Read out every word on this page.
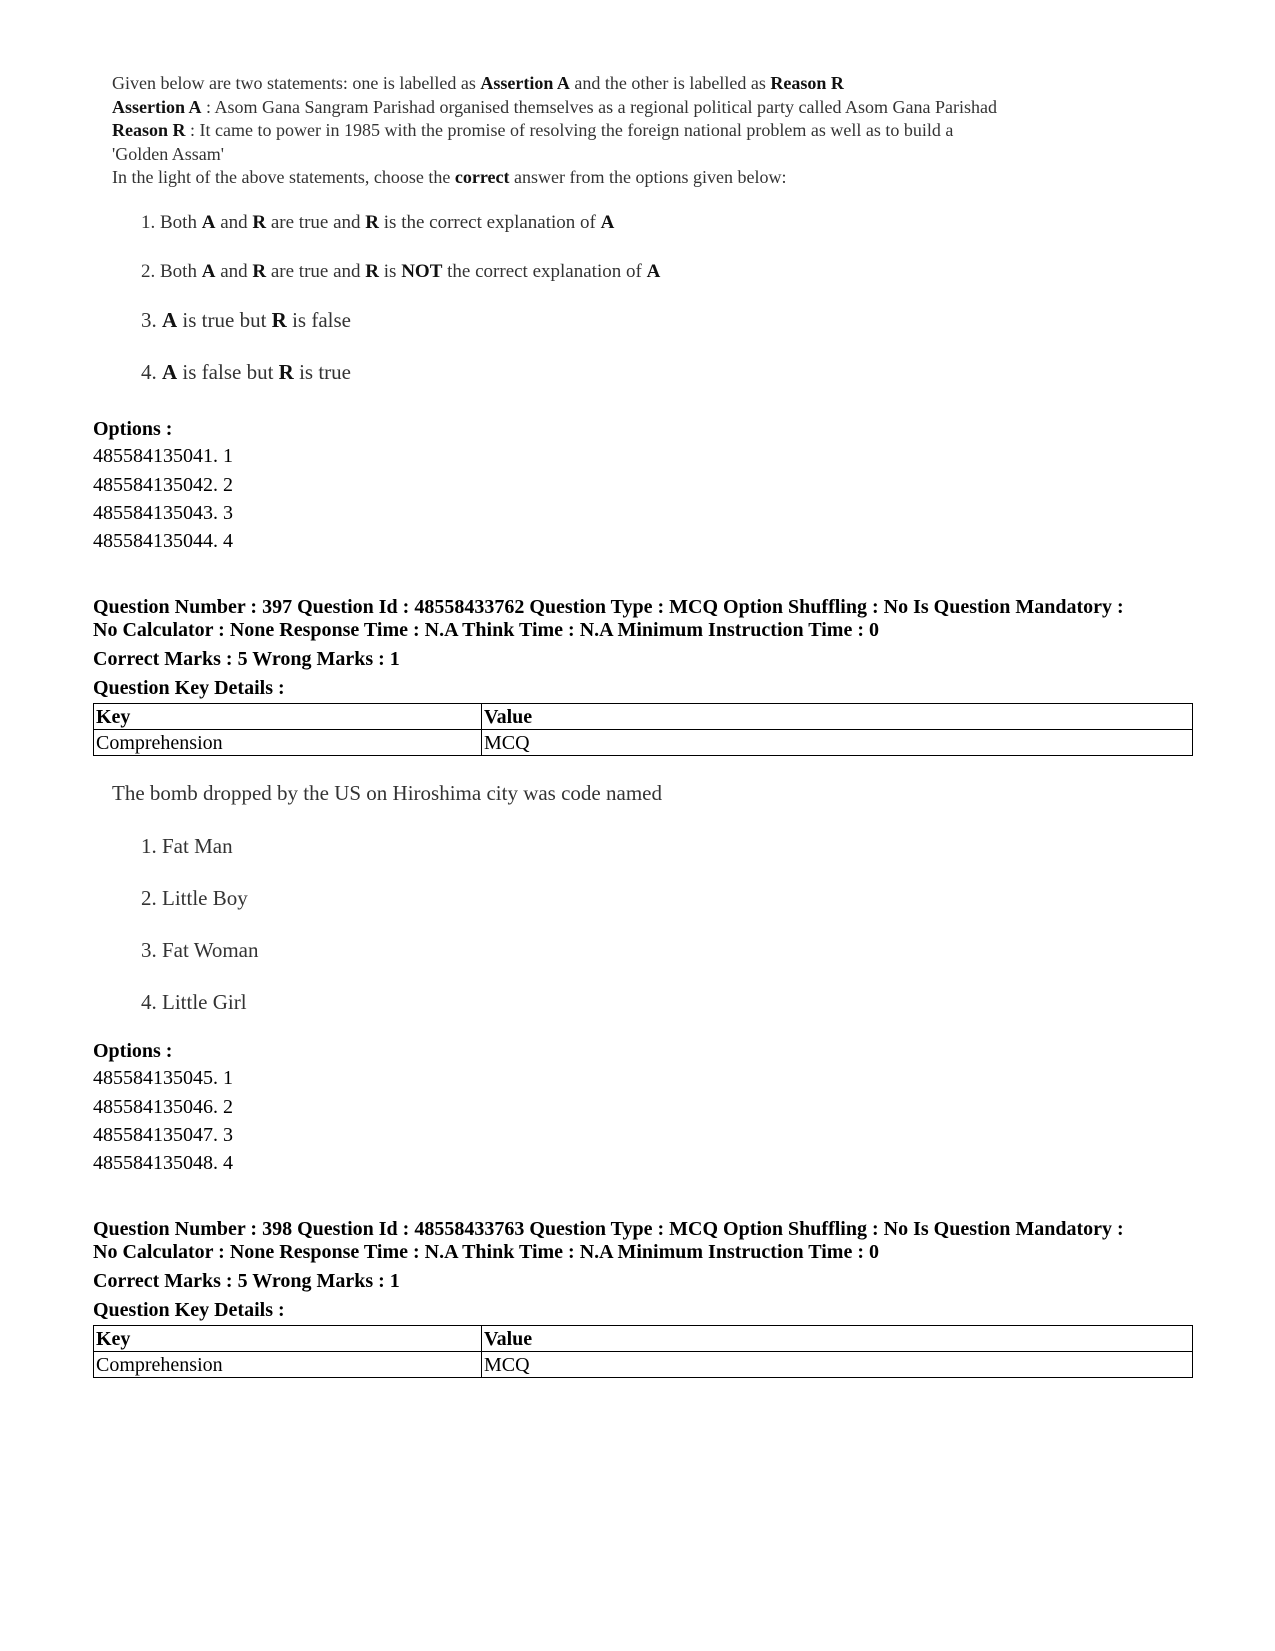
Given below are two statements: one is labelled as Assertion A and the other is labelled as Reason R
Assertion A : Asom Gana Sangram Parishad organised themselves as a regional political party called Asom Gana Parishad
Reason R : It came to power in 1985 with the promise of resolving the foreign national problem as well as to build a
'Golden Assam'
In the light of the above statements, choose the correct answer from the options given below:
1. Both A and R are true and R is the correct explanation of A
2. Both A and R are true and R is NOT the correct explanation of A
3. A is true but R is false
4. A is false but R is true
Options :
485584135041. 1
485584135042. 2
485584135043. 3
485584135044. 4
Question Number : 397 Question Id : 48558433762 Question Type : MCQ Option Shuffling : No Is Question Mandatory :
No Calculator : None Response Time : N.A Think Time : N.A Minimum Instruction Time : 0
Correct Marks : 5 Wrong Marks : 1
Question Key Details :
Key	Value
Comprehension	MCQ
The bomb dropped by the US on Hiroshima city was code named
1. Fat Man
2. Little Boy
3. Fat Woman
4. Little Girl
Options :
485584135045. 1
485584135046. 2
485584135047. 3
485584135048. 4
Question Number : 398 Question Id : 48558433763 Question Type : MCQ Option Shuffling : No Is Question Mandatory :
No Calculator : None Response Time : N.A Think Time : N.A Minimum Instruction Time : 0
Correct Marks : 5 Wrong Marks : 1
Question Key Details :
Key	Value
Comprehension	MCQ
